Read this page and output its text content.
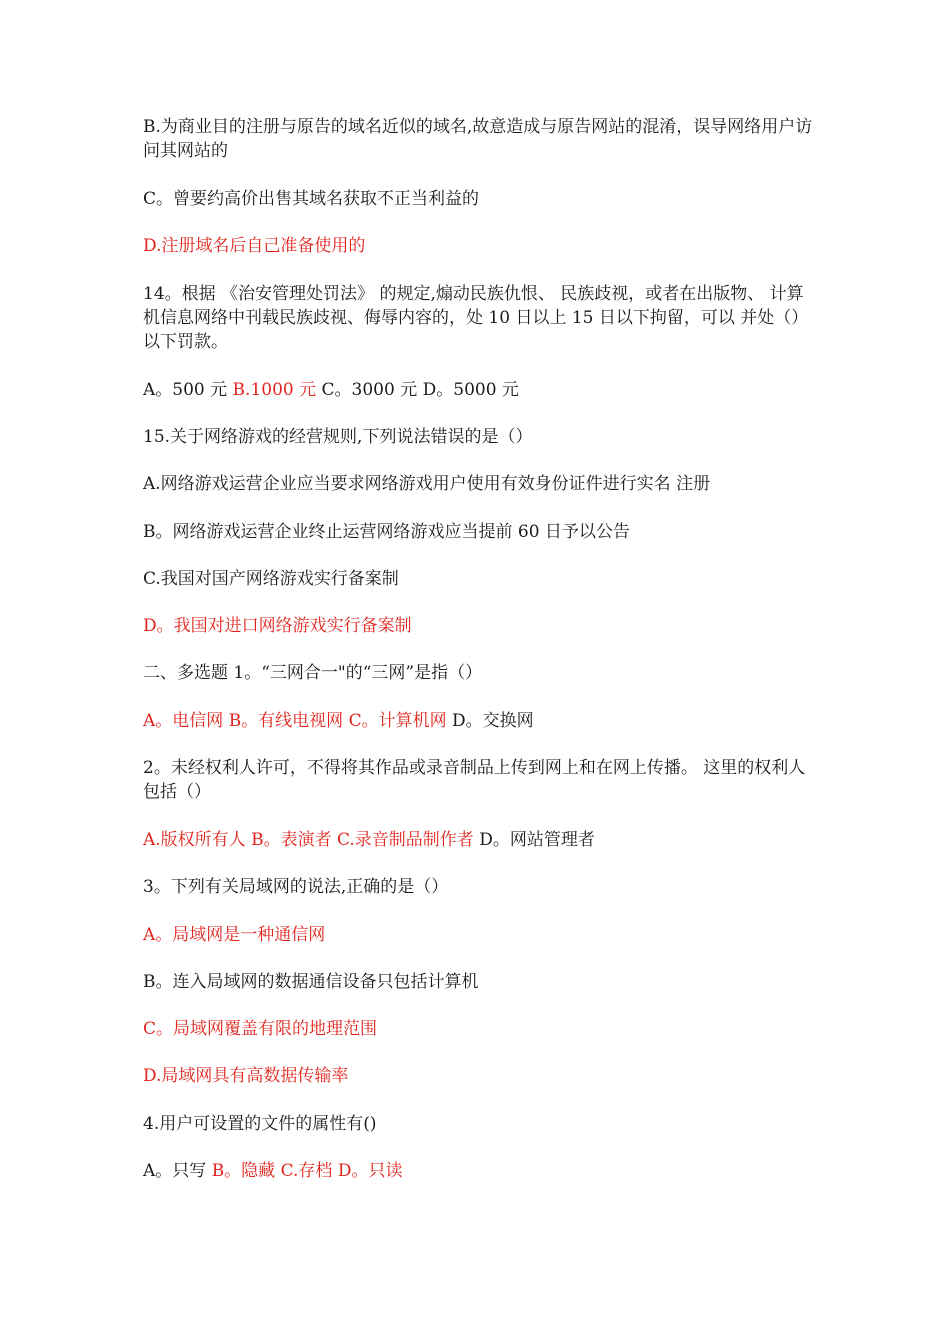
B.为商业目的注册与原告的域名近似的域名,故意造成与原告网站的混淆，误导网络用户访问其网站的

C。曾要约高价出售其域名获取不正当利益的

D.注册域名后自己准备使用的

14。根据 《治安管理处罚法》 的规定,煽动民族仇恨、 民族歧视，或者在出版物、 计算机信息网络中刊载民族歧视、侮辱内容的，处 10 日以上 15 日以下拘留，可以 并处（）以下罚款。

A。500 元 B.1000 元 C。3000 元 D。5000 元

15.关于网络游戏的经营规则,下列说法错误的是（）

A.网络游戏运营企业应当要求网络游戏用户使用有效身份证件进行实名 注册

B。网络游戏运营企业终止运营网络游戏应当提前 60 日予以公告

C.我国对国产网络游戏实行备案制

D。我国对进口网络游戏实行备案制

二、多选题 1。“三网合一"的“三网”是指（）

A。电信网 B。有线电视网 C。计算机网 D。交换网

2。未经权利人许可，不得将其作品或录音制品上传到网上和在网上传播。 这里的权利人包括（）

A.版权所有人 B。表演者 C.录音制品制作者 D。网站管理者

3。下列有关局域网的说法,正确的是（）

A。局域网是一种通信网

B。连入局域网的数据通信设备只包括计算机

C。局域网覆盖有限的地理范围

D.局域网具有高数据传输率

4.用户可设置的文件的属性有()

A。只写 B。隐藏 C.存档 D。只读
